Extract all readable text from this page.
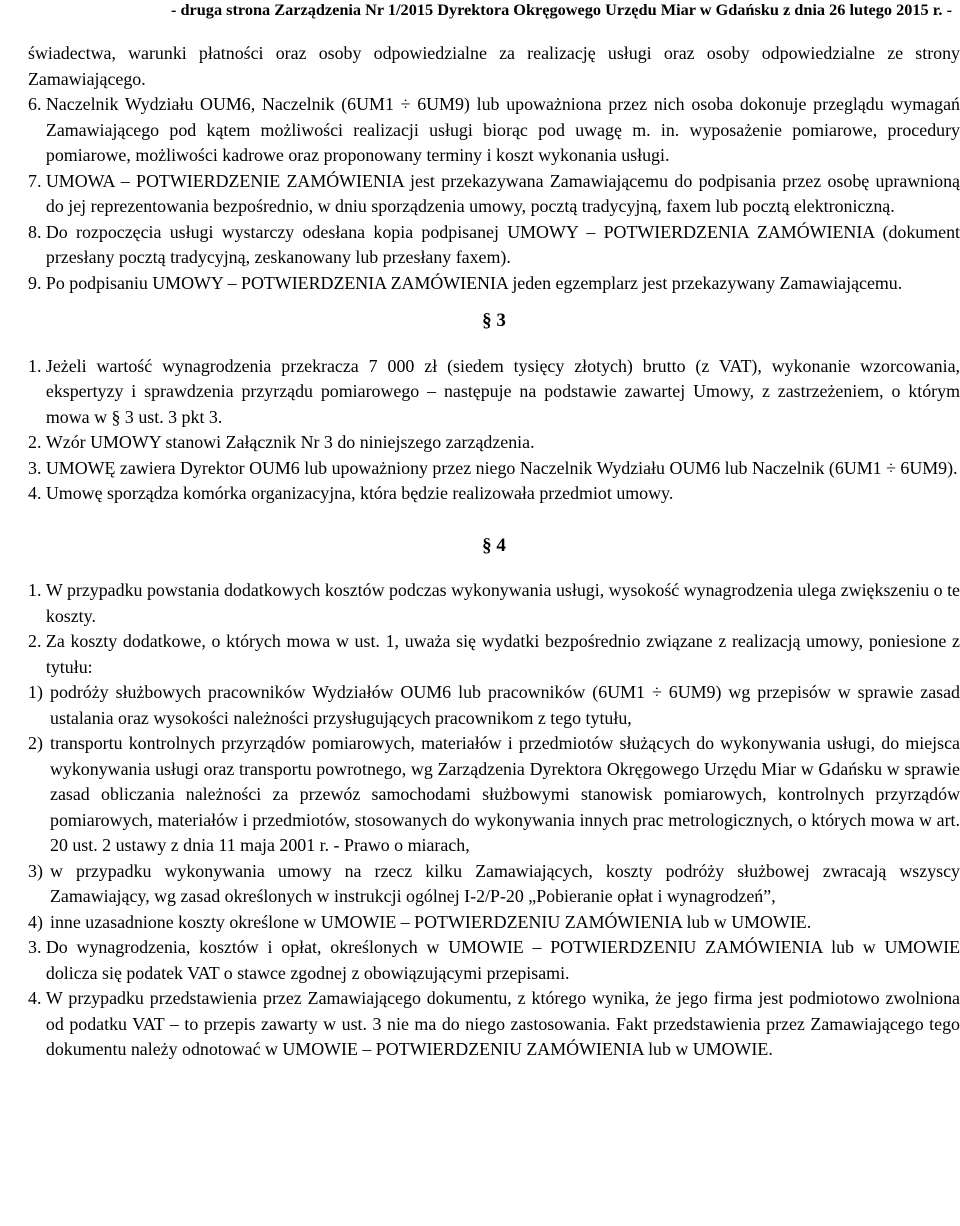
- druga strona Zarządzenia Nr 1/2015 Dyrektora Okręgowego Urzędu Miar w Gdańsku z dnia 26 lutego 2015 r. -

świadectwa, warunki płatności oraz osoby odpowiedzialne za realizację usługi oraz osoby odpowiedzialne ze strony Zamawiającego.

6. Naczelnik Wydziału OUM6, Naczelnik (6UM1 ÷ 6UM9) lub upoważniona przez nich osoba dokonuje przeglądu wymagań Zamawiającego pod kątem możliwości realizacji usługi biorąc pod uwagę m. in. wyposażenie pomiarowe, procedury pomiarowe, możliwości kadrowe oraz proponowany terminy i koszt wykonania usługi.
7. UMOWA – POTWIERDZENIE ZAMÓWIENIA jest przekazywana Zamawiającemu do podpisania przez osobę uprawnioną do jej reprezentowania bezpośrednio, w dniu sporządzenia umowy, pocztą tradycyjną, faxem lub pocztą elektroniczną.
8. Do rozpoczęcia usługi wystarczy odesłana kopia podpisanej UMOWY – POTWIERDZENIA ZAMÓWIENIA (dokument przesłany pocztą tradycyjną, zeskanowany lub przesłany faxem).
9. Po podpisaniu UMOWY – POTWIERDZENIA ZAMÓWIENIA jeden egzemplarz jest przekazywany Zamawiającemu.
§ 3
1. Jeżeli wartość wynagrodzenia przekracza 7 000 zł (siedem tysięcy złotych) brutto (z VAT), wykonanie wzorcowania, ekspertyzy i sprawdzenia przyrządu pomiarowego – następuje na podstawie zawartej Umowy, z zastrzeżeniem, o którym mowa w § 3 ust. 3 pkt 3.
2. Wzór UMOWY stanowi Załącznik Nr 3 do niniejszego zarządzenia.
3. UMOWĘ zawiera Dyrektor OUM6 lub upoważniony przez niego Naczelnik Wydziału OUM6 lub Naczelnik (6UM1 ÷ 6UM9).
4. Umowę sporządza komórka organizacyjna, która będzie realizowała przedmiot umowy.
§ 4
1. W przypadku powstania dodatkowych kosztów podczas wykonywania usługi, wysokość wynagrodzenia ulega zwiększeniu o te koszty.
2. Za koszty dodatkowe, o których mowa w ust. 1, uważa się wydatki bezpośrednio związane z realizacją umowy, poniesione z tytułu:
1) podróży służbowych pracowników Wydziałów OUM6 lub pracowników (6UM1 ÷ 6UM9) wg przepisów w sprawie zasad ustalania oraz wysokości należności przysługujących pracownikom z tego tytułu,
2) transportu kontrolnych przyrządów pomiarowych, materiałów i przedmiotów służących do wykonywania usługi, do miejsca wykonywania usługi oraz transportu powrotnego, wg Zarządzenia Dyrektora Okręgowego Urzędu Miar w Gdańsku w sprawie zasad obliczania należności za przewóz samochodami służbowymi stanowisk pomiarowych, kontrolnych przyrządów pomiarowych, materiałów i przedmiotów, stosowanych do wykonywania innych prac metrologicznych, o których mowa w art. 20 ust. 2 ustawy z dnia 11 maja 2001 r. - Prawo o miarach,
3) w przypadku wykonywania umowy na rzecz kilku Zamawiających, koszty podróży służbowej zwracają wszyscy Zamawiający, wg zasad określonych w instrukcji ogólnej I-2/P-20 „Pobieranie opłat i wynagrodzeń”,
4) inne uzasadnione koszty określone w UMOWIE – POTWIERDZENIU ZAMÓWIENIA lub w UMOWIE.
3. Do wynagrodzenia, kosztów i opłat, określonych w UMOWIE – POTWIERDZENIU ZAMÓWIENIA lub w UMOWIE dolicza się podatek VAT o stawce zgodnej z obowiązującymi przepisami.
4. W przypadku przedstawienia przez Zamawiającego dokumentu, z którego wynika, że jego firma jest podmiotowo zwolniona od podatku VAT – to przepis zawarty w ust. 3 nie ma do niego zastosowania. Fakt przedstawienia przez Zamawiającego tego dokumentu należy odnotować w UMOWIE – POTWIERDZENIU ZAMÓWIENIA lub w UMOWIE.
